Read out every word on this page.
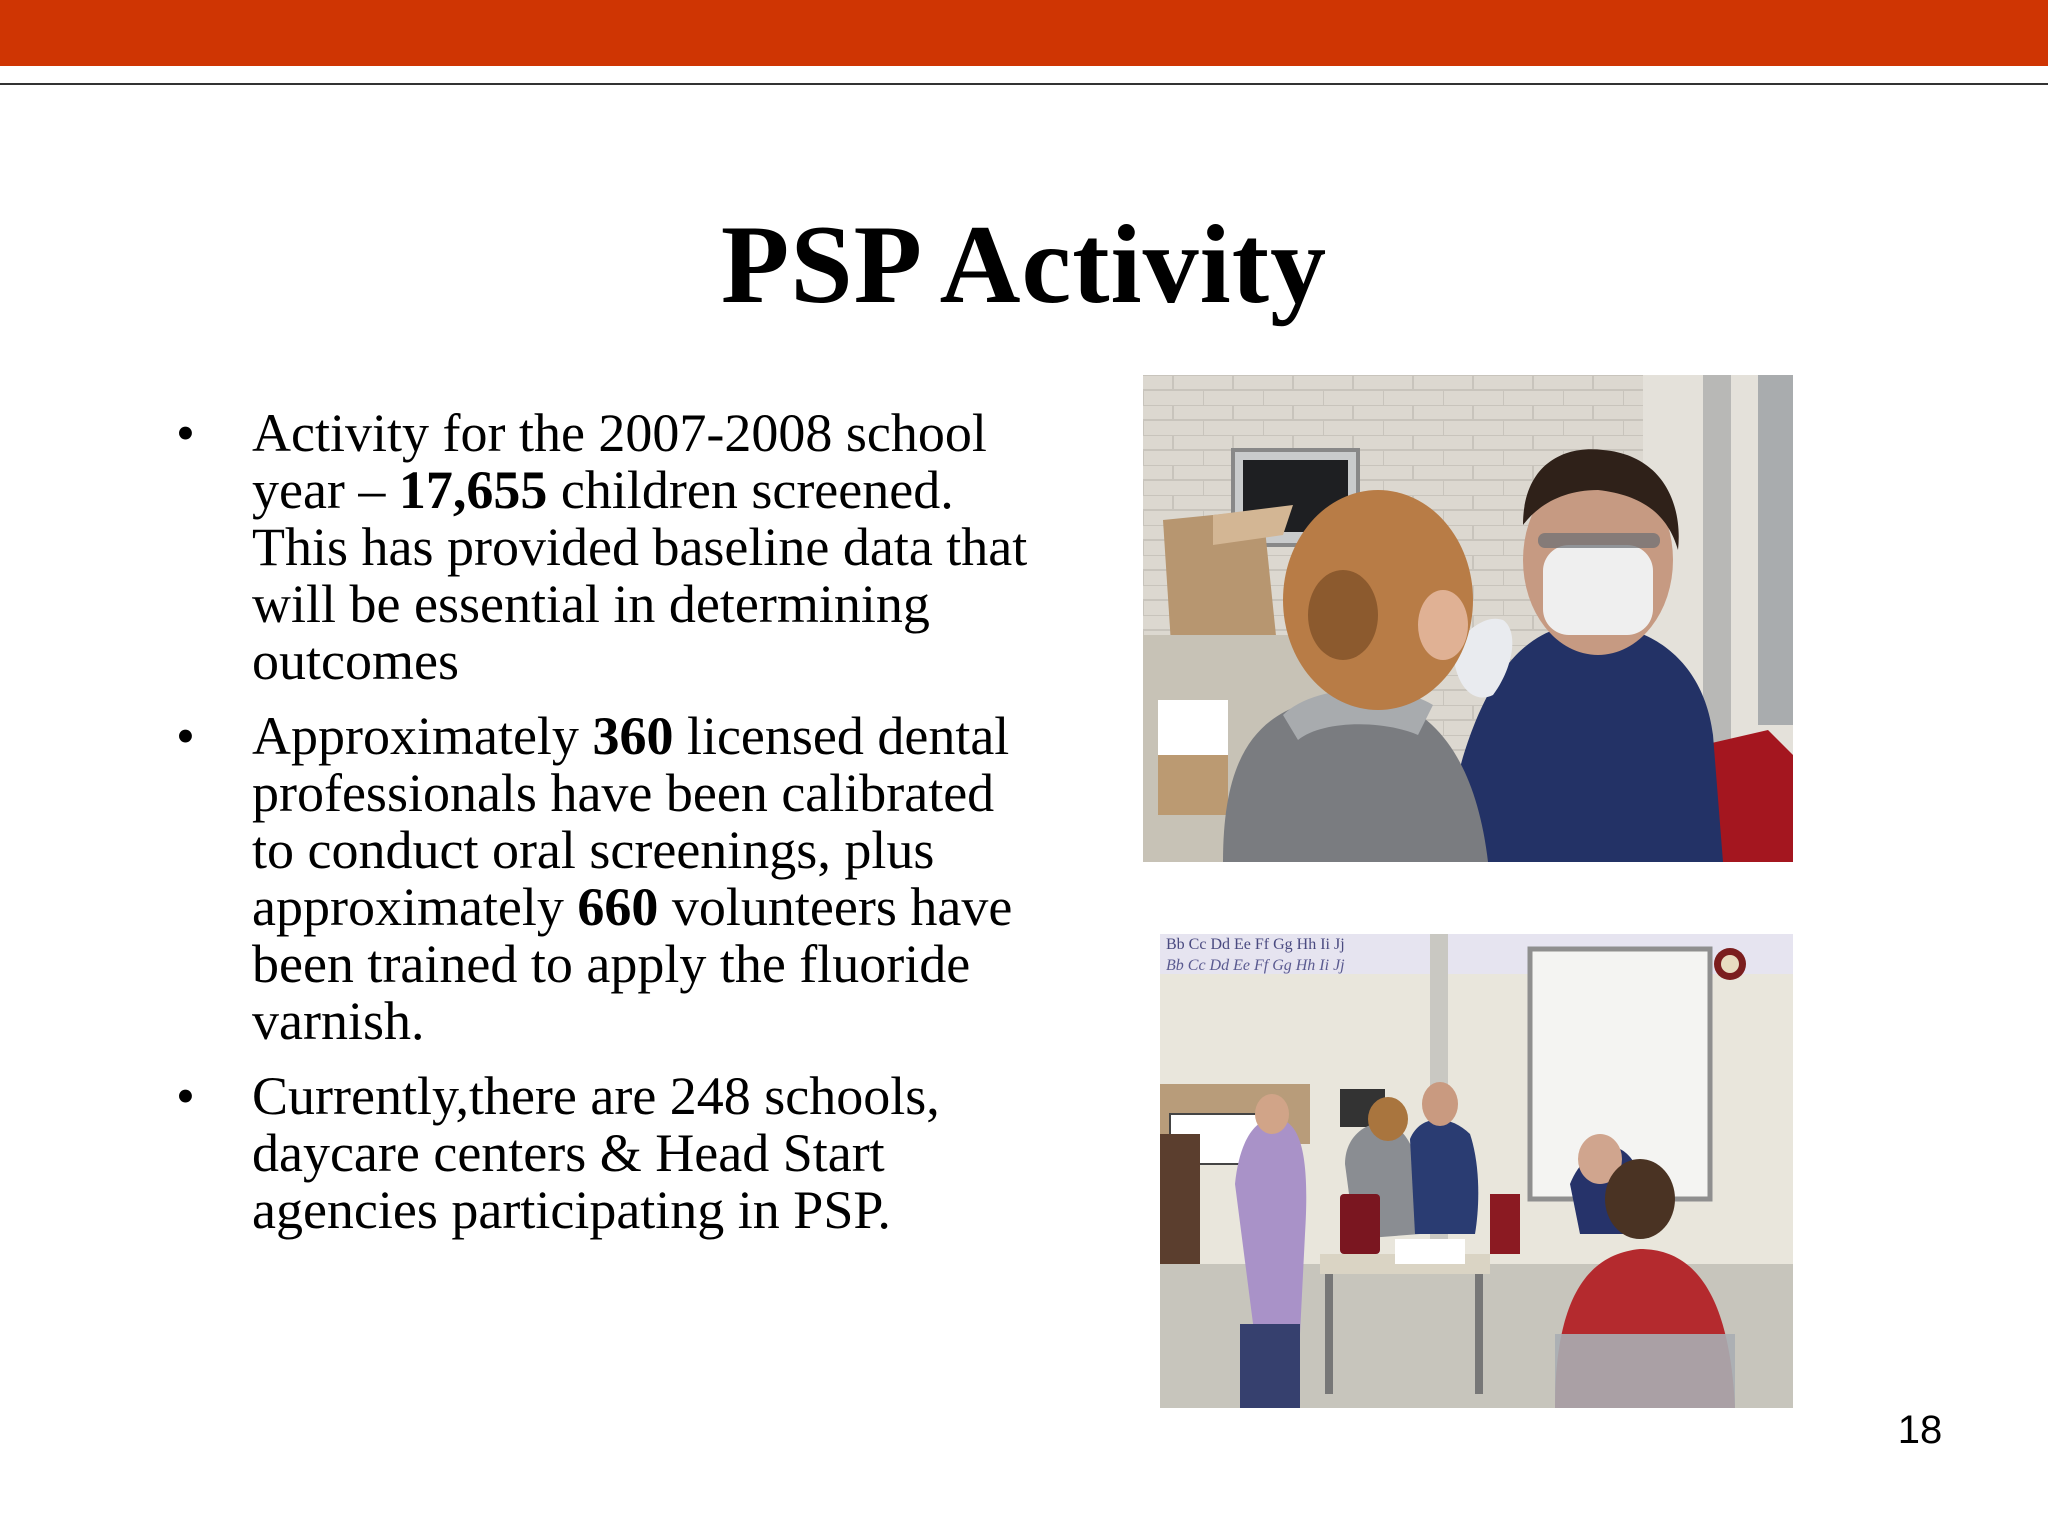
PSP Activity
• Activity for the 2007-2008 school year – 17,655 children screened. This has provided baseline data that will be essential in determining outcomes
• Approximately 360 licensed dental professionals have been calibrated to conduct oral screenings, plus approximately 660 volunteers have been trained to apply the fluoride varnish.
• Currently,there are 248 schools, daycare centers & Head Start agencies participating in PSP.
Bb Cc Dd Ee Ff Gg Hh Ii Jj
Bb Cc Dd Ee Ff Gg Hh Ii Jj
18
